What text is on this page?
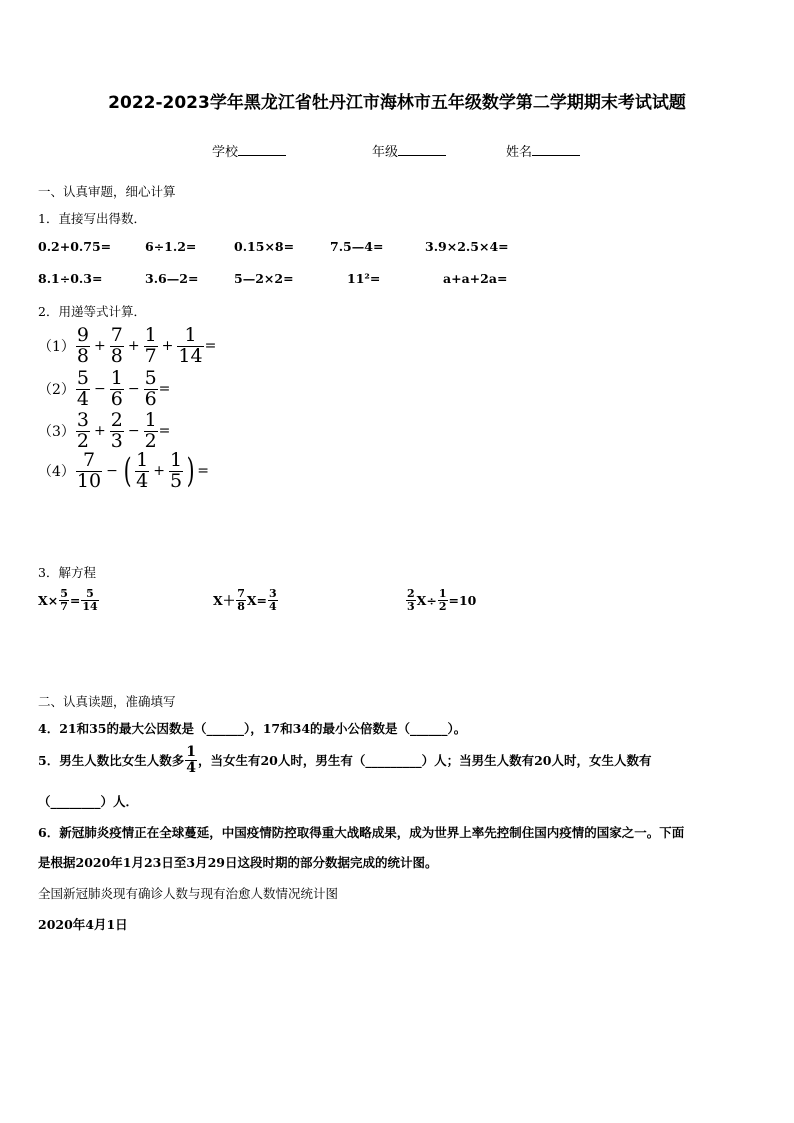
2022-2023学年黑龙江省牡丹江市海林市五年级数学第二学期期末考试试题
学校	年级	姓名
一、认真审题，细心计算
1．直接写出得数．
0.2+0.75=	6÷1.2=	0.15×8=	7.5—4=	3.9×2.5×4=
8.1÷0.3=	3.6—2=	5—2×2=	11²=	a+a+2a=
2．用递等式计算．
$(1) \frac{9}{8} + \frac{7}{8} + \frac{1}{7} + \frac{1}{14}$ =
$(2) \frac{5}{4} - \frac{1}{6} - \frac{5}{6}$ =
$(3) \frac{3}{2} + \frac{2}{3} - \frac{1}{2}$ =
$(4) \frac{7}{10}$ − ( $\frac{1}{4} + \frac{1}{5}$ ) =
3．解方程
$X\times \frac{5}{7} = \frac{5}{14}$	$X+ \frac{7}{8} X= \frac{3}{4}$	$\frac{2}{3} X\div \frac{1}{2} =10$
二、认真读题，准确填写
4．21和35的最大公因数是（______），17和34的最小公倍数是（______）。
5．男生人数比女生人数多 $\frac{1}{4}$ ，当女生有20人时，男生有（_________）人；当男生人数有20人时，女生人数有
（________）人．
6．新冠肺炎疫情正在全球蔓延，中国疫情防控取得重大战略成果，成为世界上率先控制住国内疫情的国家之一。下面
是根据2020年1月23日至3月29日这段时期的部分数据完成的统计图。
全国新冠肺炎现有确诊人数与现有治愈人数情况统计图
2020年4月1日
